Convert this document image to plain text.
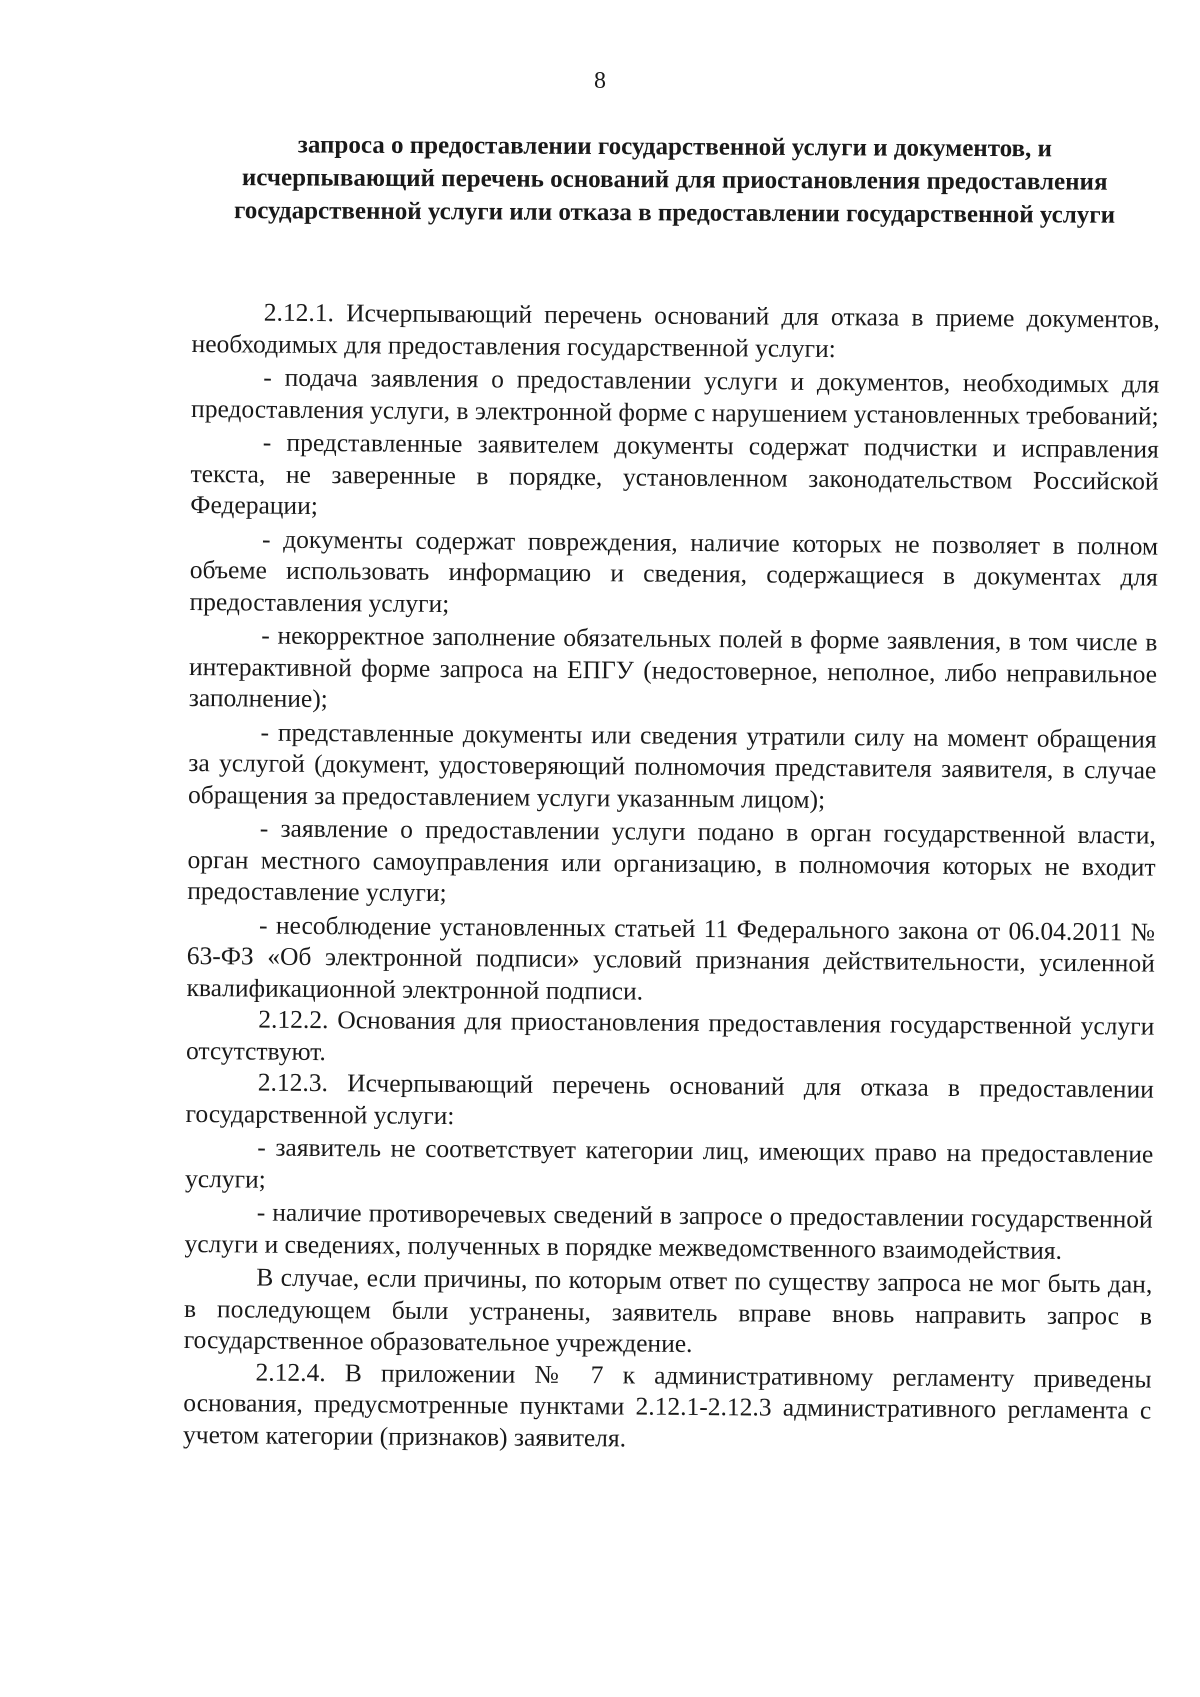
8
запроса о предоставлении государственной услуги и документов, и исчерпывающий перечень оснований для приостановления предоставления государственной услуги или отказа в предоставлении государственной услуги

2.12.1. Исчерпывающий перечень оснований для отказа в приеме документов, необходимых для предоставления государственной услуги:

- подача заявления о предоставлении услуги и документов, необходимых для предоставления услуги, в электронной форме с нарушением установленных требований;

- представленные заявителем документы содержат подчистки и исправления текста, не заверенные в порядке, установленном законодательством Российской Федерации;

- документы содержат повреждения, наличие которых не позволяет в полном объеме использовать информацию и сведения, содержащиеся в документах для предоставления услуги;

- некорректное заполнение обязательных полей в форме заявления, в том числе в интерактивной форме запроса на ЕПГУ (недостоверное, неполное, либо неправильное заполнение);

- представленные документы или сведения утратили силу на момент обращения за услугой (документ, удостоверяющий полномочия представителя заявителя, в случае обращения за предоставлением услуги указанным лицом);

- заявление о предоставлении услуги подано в орган государственной власти, орган местного самоуправления или организацию, в полномочия которых не входит предоставление услуги;

- несоблюдение установленных статьей 11 Федерального закона от 06.04.2011 № 63-ФЗ «Об электронной подписи» условий признания действительности, усиленной квалификационной электронной подписи.

2.12.2. Основания для приостановления предоставления государственной услуги отсутствуют.

2.12.3. Исчерпывающий перечень оснований для отказа в предоставлении государственной услуги:

- заявитель не соответствует категории лиц, имеющих право на предоставление услуги;

- наличие противоречевых сведений в запросе о предоставлении государственной услуги и сведениях, полученных в порядке межведомственного взаимодействия.

В случае, если причины, по которым ответ по существу запроса не мог быть дан, в последующем были устранены, заявитель вправе вновь направить запрос в государственное образовательное учреждение.

2.12.4. В приложении № 7 к административному регламенту приведены основания, предусмотренные пунктами 2.12.1-2.12.3 административного регламента с учетом категории (признаков) заявителя.
